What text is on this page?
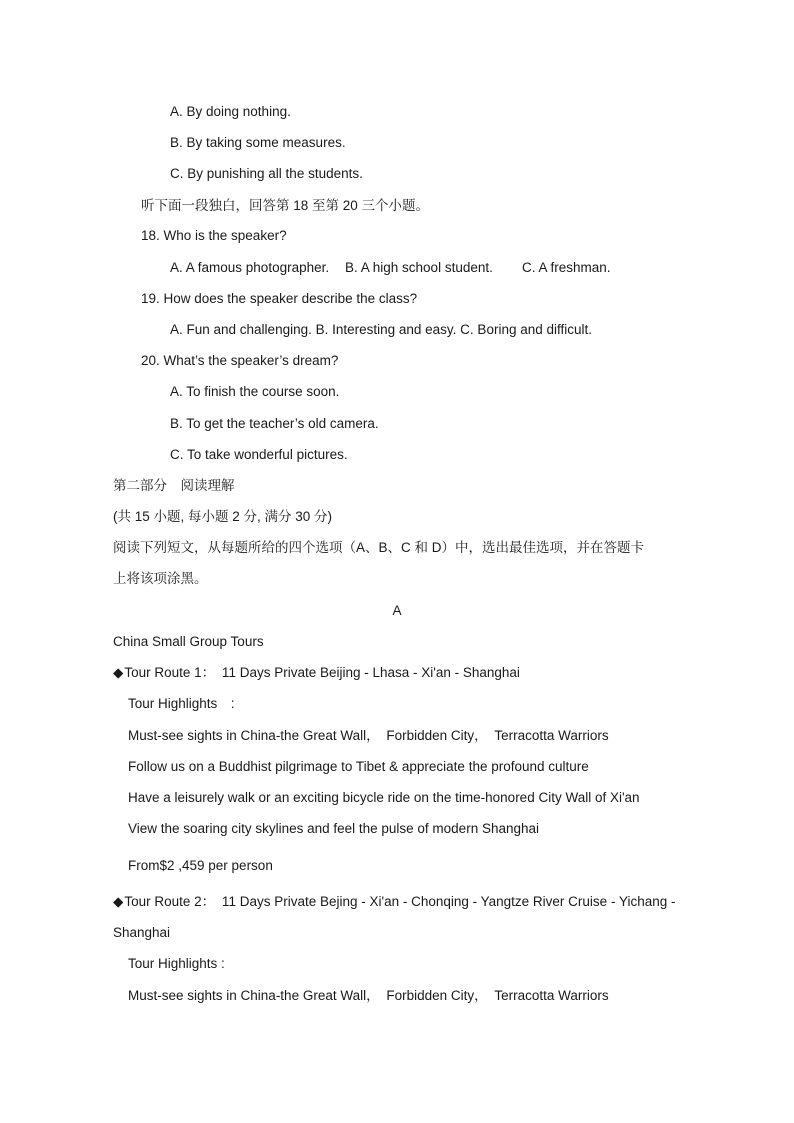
A. By doing nothing.
B. By taking some measures.
C. By punishing all the students.
听下面一段独白，回答第 18 至第 20 三个小题。
18. Who is the speaker?
A. A famous photographer. B. A high school student. C. A freshman.
19. How does the speaker describe the class?
A. Fun and challenging. B. Interesting and easy. C. Boring and difficult.
20. What’s the speaker’s dream?
A. To finish the course soon.
B. To get the teacher’s old camera.
C. To take wonderful pictures.
第二部分　阅读理解
(共 15 小题, 每小题 2 分, 满分 30 分)
阅读下列短文，从每题所给的四个选项（A、B、C 和 D）中，选出最佳选项，并在答题卡
上将该项涂黑。
A
China Small Group Tours
◆Tour Route 1：　11 Days Private Beijing - Lhasa - Xi'an - Shanghai
Tour Highlights　:
Must-see sights in China-the Great Wall，　Forbidden City，　Terracotta Warriors
Follow us on a Buddhist pilgrimage to Tibet & appreciate the profound culture
Have a leisurely walk or an exciting bicycle ride on the time-honored City Wall of Xi'an
View the soaring city skylines and feel the pulse of modern Shanghai
From$2 ,459 per person
◆Tour Route 2：　11 Days Private Bejing - Xi'an - Chonqing - Yangtze River Cruise - Yichang -
Shanghai
Tour Highlights :
Must-see sights in China-the Great Wall，　Forbidden City，　Terracotta Warriors
